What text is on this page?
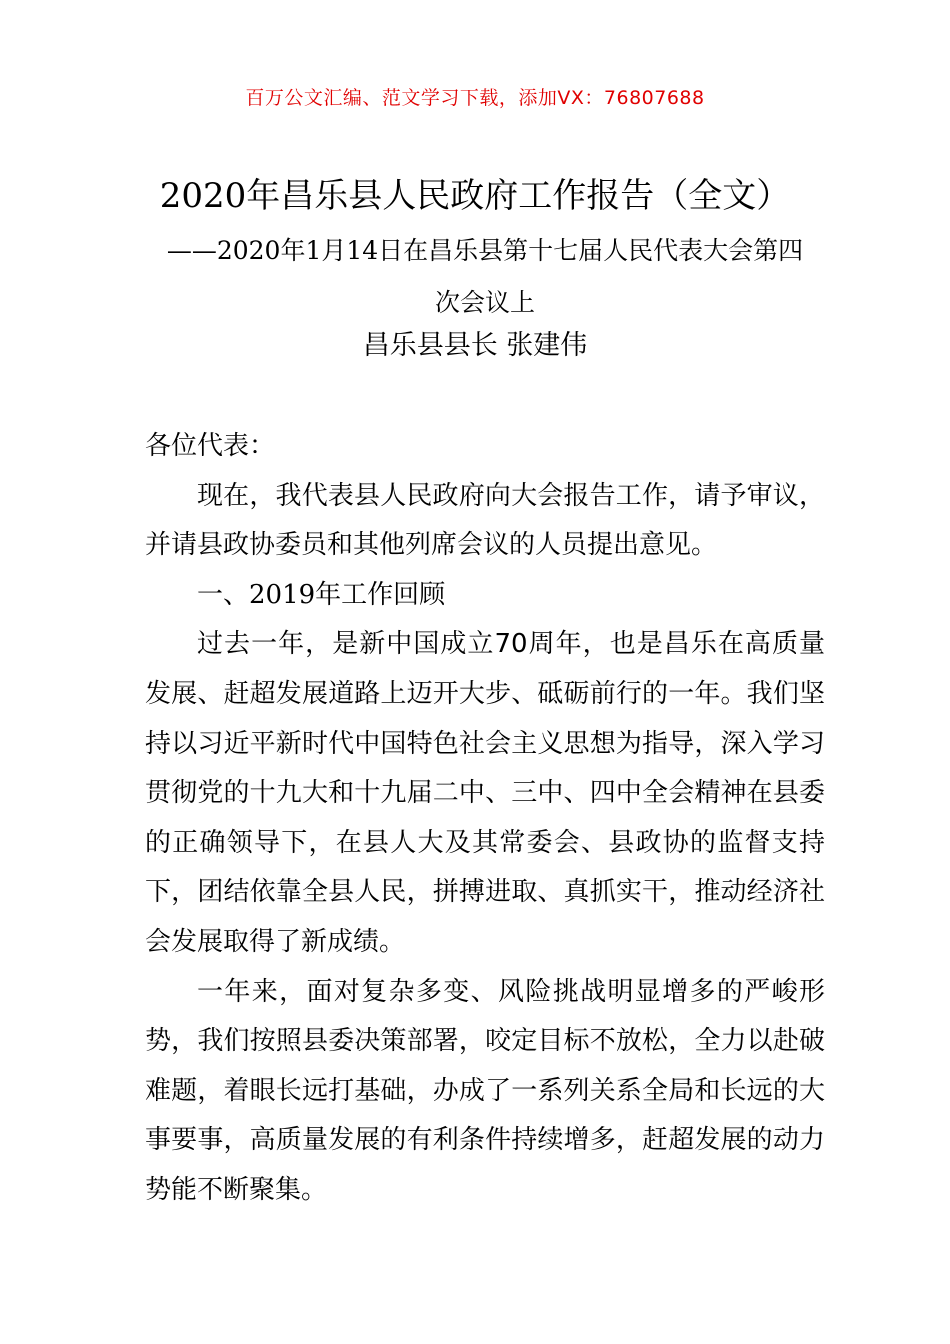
百万公文汇编、范文学习下载，添加VX：76807688
2020年昌乐县人民政府工作报告（全文）
——2020年1月14日在昌乐县第十七届人民代表大会第四次会议上
昌乐县县长 张建伟

各位代表：

现在，我代表县人民政府向大会报告工作，请予审议，并请县政协委员和其他列席会议的人员提出意见。

一、2019年工作回顾

过去一年，是新中国成立70周年，也是昌乐在高质量发展、赶超发展道路上迈开大步、砥砺前行的一年。我们坚持以习近平新时代中国特色社会主义思想为指导，深入学习贯彻党的十九大和十九届二中、三中、四中全会精神在县委的正确领导下，在县人大及其常委会、县政协的监督支持下，团结依靠全县人民，拼搏进取、真抓实干，推动经济社会发展取得了新成绩。

一年来，面对复杂多变、风险挑战明显增多的严峻形势，我们按照县委决策部署，咬定目标不放松，全力以赴破难题，着眼长远打基础，办成了一系列关系全局和长远的大事要事，高质量发展的有利条件持续增多，赶超发展的动力势能不断聚集。
